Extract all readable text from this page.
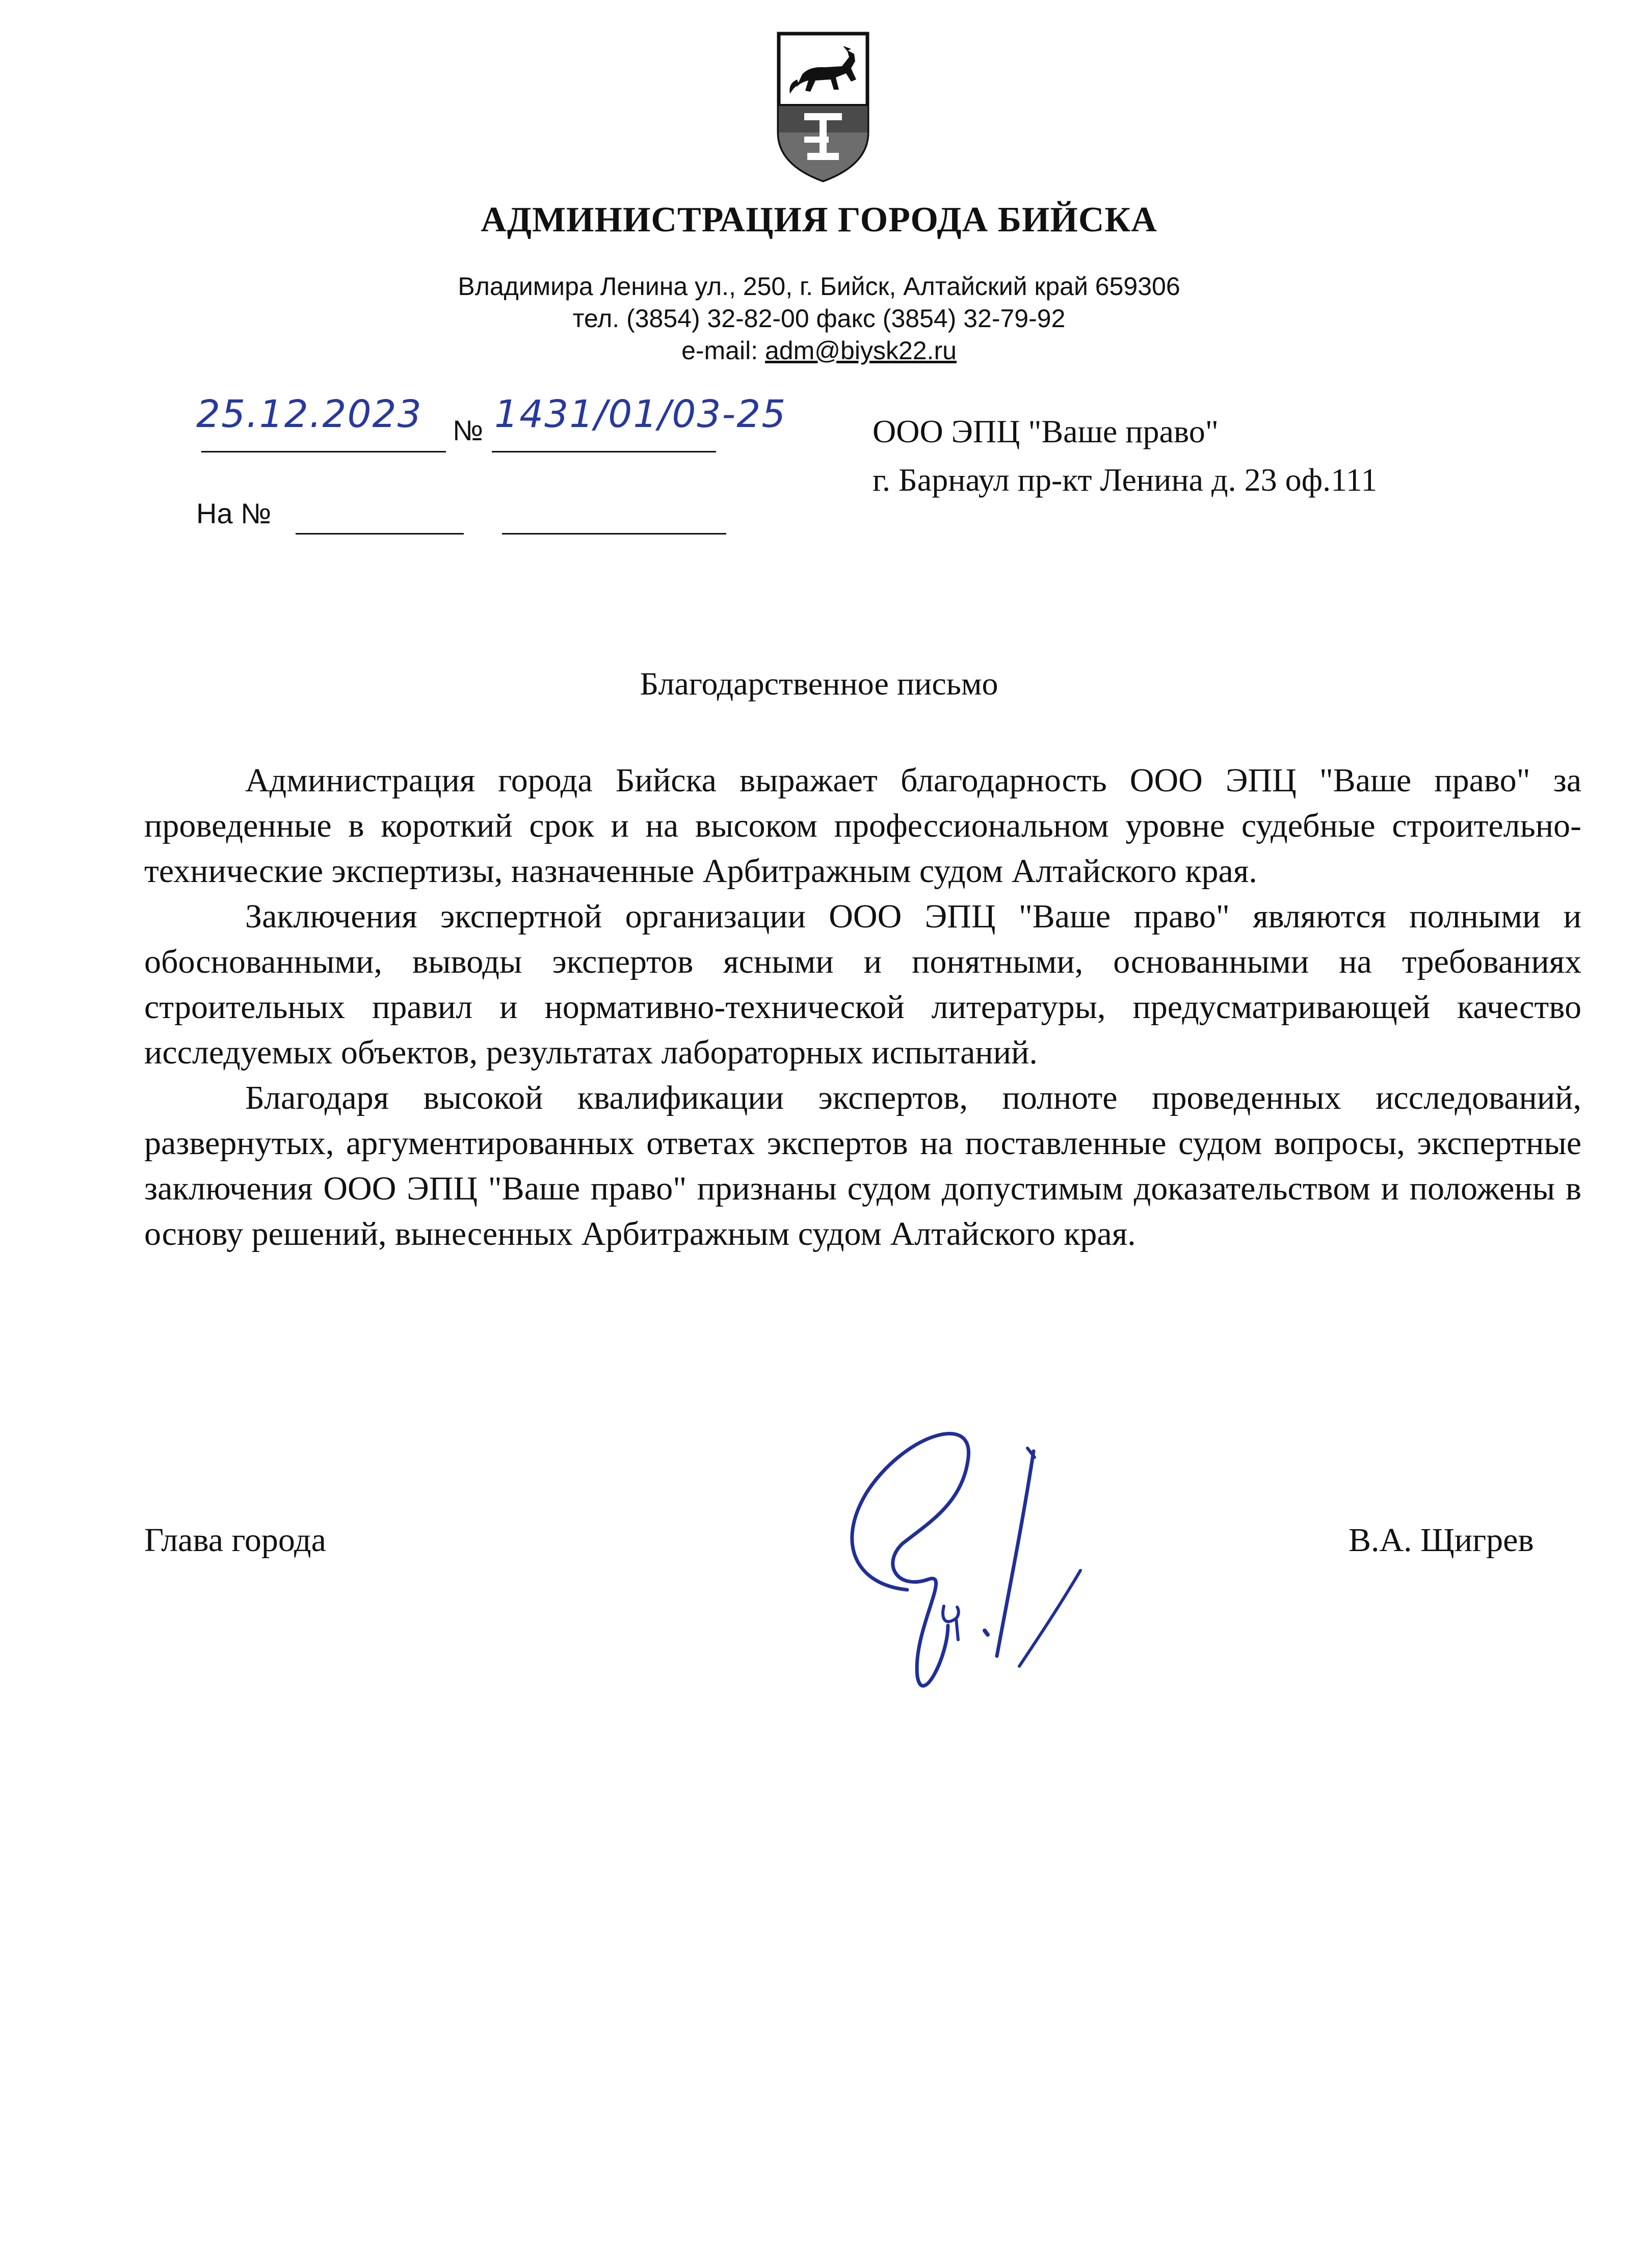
АДМИНИСТРАЦИЯ ГОРОДА БИЙСКА
Владимира Ленина ул., 250, г. Бийск, Алтайский край 659306
тел. (3854) 32-82-00 факс (3854) 32-79-92
e-mail: adm@biysk22.ru
25.12.2023 № 1431/01/03-25
На №
ООО ЭПЦ "Ваше право"
г. Барнаул пр-кт Ленина д. 23 оф.111
Благодарственное письмо

Администрация города Бийска выражает благодарность ООО ЭПЦ "Ваше право" за проведенные в короткий срок и на высоком профессиональном уровне судебные строительно-технические экспертизы, назначенные Арбитражным судом Алтайского края.

Заключения экспертной организации ООО ЭПЦ "Ваше право" являются полными и обоснованными, выводы экспертов ясными и понятными, основанными на требованиях строительных правил и нормативно-технической литературы, предусматривающей качество исследуемых объектов, результатах лабораторных испытаний.

Благодаря высокой квалификации экспертов, полноте проведенных исследований, развернутых, аргументированных ответах экспертов на поставленные судом вопросы, экспертные заключения ООО ЭПЦ "Ваше право" признаны судом допустимым доказательством и положены в основу решений, вынесенных Арбитражным судом Алтайского края.

Глава города	В.А. Щигрев
